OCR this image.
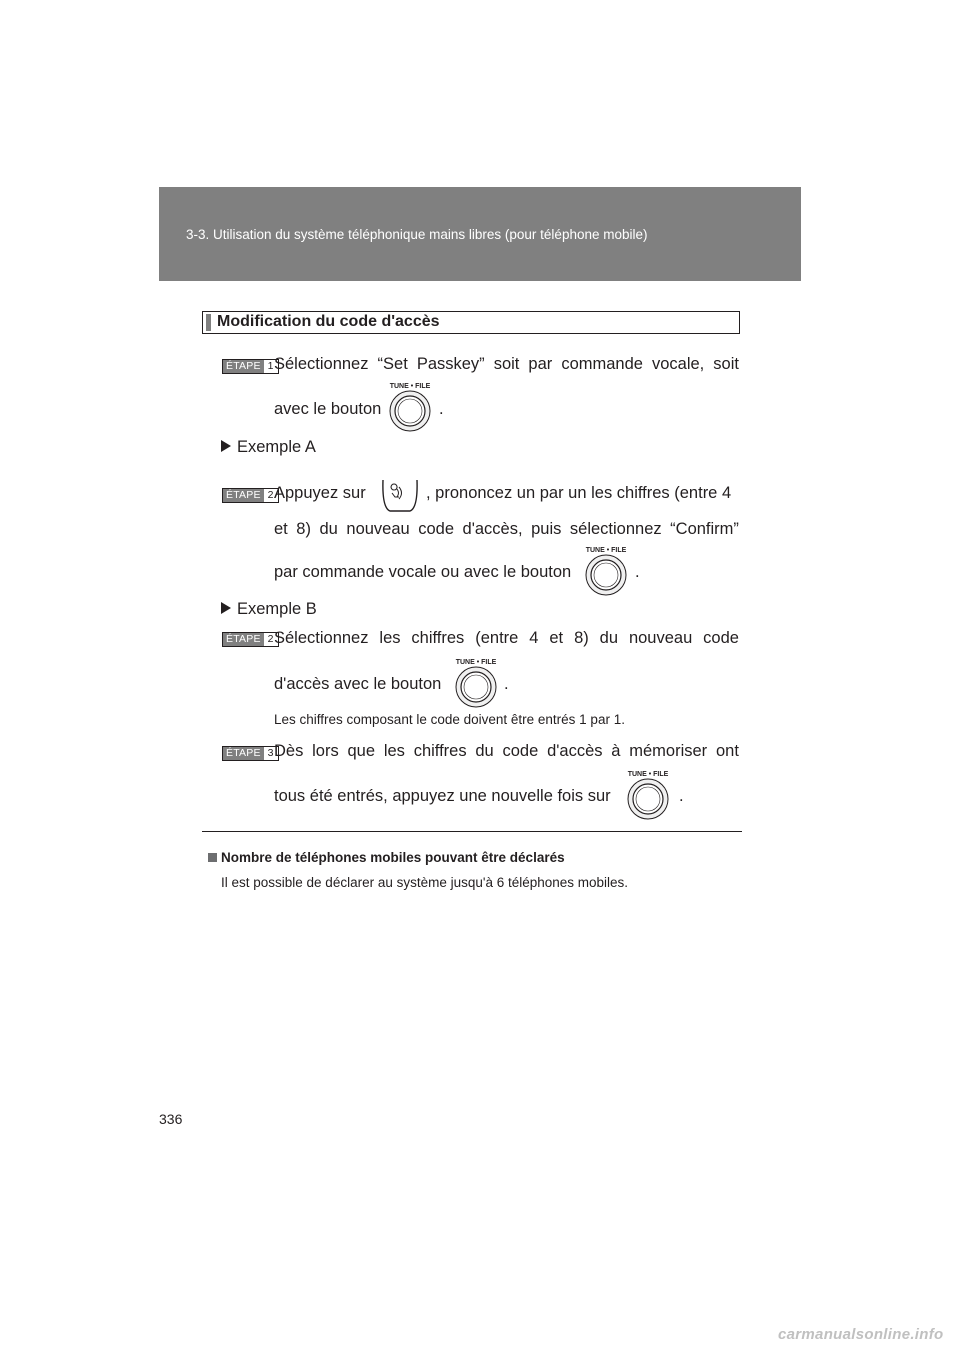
3-3. Utilisation du système téléphonique mains libres (pour téléphone mobile)
Modification du code d'accès
ÉTAPE 1 Sélectionnez “Set Passkey” soit par commande vocale, soit
avec le bouton
TUNE • FILE
.
Exemple A
ÉTAPE 2 Appuyez sur	, prononcez un par un les chiffres (entre 4
et 8) du nouveau code d'accès, puis sélectionnez “Confirm”
par commande vocale ou avec le bouton
TUNE • FILE
.
Exemple B
ÉTAPE 2 Sélectionnez les chiffres (entre 4 et 8) du nouveau code
d'accès avec le bouton
TUNE • FILE
.
Les chiffres composant le code doivent être entrés 1 par 1.
ÉTAPE 3 Dès lors que les chiffres du code d'accès à mémoriser ont
tous été entrés, appuyez une nouvelle fois sur
TUNE • FILE
.
Nombre de téléphones mobiles pouvant être déclarés
Il est possible de déclarer au système jusqu'à 6 téléphones mobiles.
336
carmanualsonline.info
